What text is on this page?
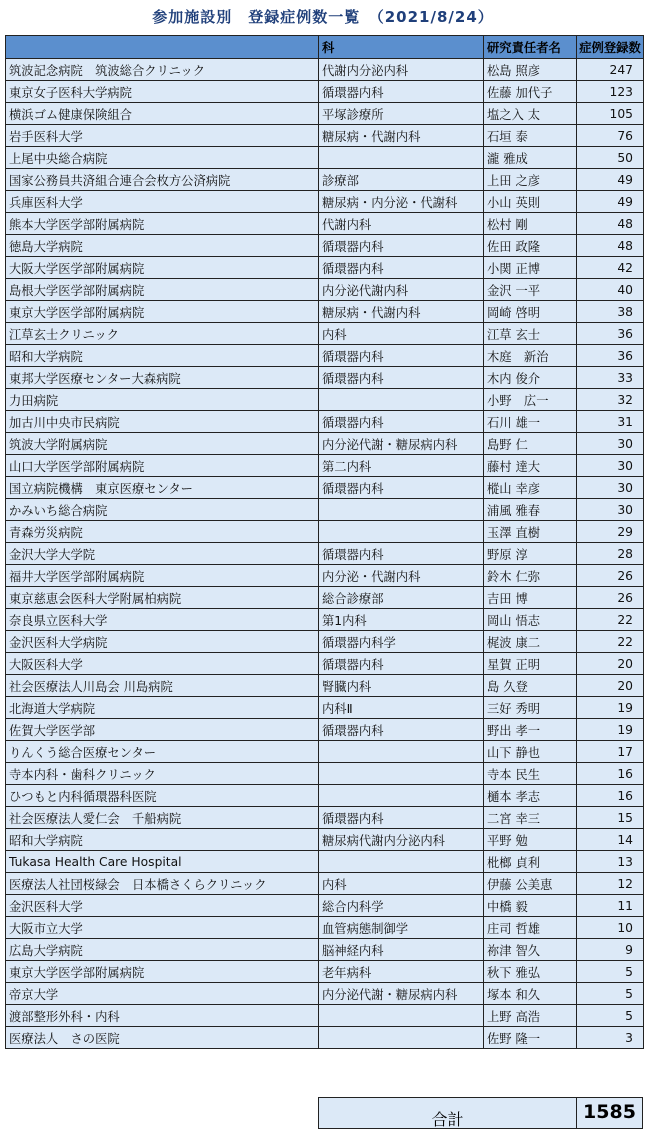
参加施設別　登録症例数一覧　（2021/8/24）
	科	研究責任者名	症例登録数
筑波記念病院　筑波総合クリニック	代謝内分泌内科	松島 照彦	247
東京女子医科大学病院	循環器内科	佐藤 加代子	123
横浜ゴム健康保険組合	平塚診療所	塩之入 太	105
岩手医科大学	糖尿病・代謝内科	石垣 泰	76
上尾中央総合病院		瀧 雅成	50
国家公務員共済組合連合会枚方公済病院	診療部	上田 之彦	49
兵庫医科大学	糖尿病・内分泌・代謝科	小山 英則	49
熊本大学医学部附属病院	代謝内科	松村 剛	48
徳島大学病院	循環器内科	佐田 政隆	48
大阪大学医学部附属病院	循環器内科	小関 正博	42
島根大学医学部附属病院	内分泌代謝内科	金沢 一平	40
東京大学医学部附属病院	糖尿病・代謝内科	岡崎 啓明	38
江草玄士クリニック	内科	江草 玄士	36
昭和大学病院	循環器内科	木庭　新治	36
東邦大学医療センター大森病院	循環器内科	木内 俊介	33
力田病院		小野　広一	32
加古川中央市民病院	循環器内科	石川 雄一	31
筑波大学附属病院	内分泌代謝・糖尿病内科	島野 仁	30
山口大学医学部附属病院	第二内科	藤村 達大	30
国立病院機構　東京医療センター	循環器内科	樅山 幸彦	30
かみいち総合病院		浦風 雅春	30
青森労災病院		玉澤 直樹	29
金沢大学大学院	循環器内科	野原 淳	28
福井大学医学部附属病院	内分泌・代謝内科	鈴木 仁弥	26
東京慈恵会医科大学附属柏病院	総合診療部	吉田 博	26
奈良県立医科大学	第1内科	岡山 悟志	22
金沢医科大学病院	循環器内科学	梶波 康二	22
大阪医科大学	循環器内科	星賀 正明	20
社会医療法人川島会 川島病院	腎臓内科	島 久登	20
北海道大学病院	内科Ⅱ	三好 秀明	19
佐賀大学医学部	循環器内科	野出 孝一	19
りんくう総合医療センター		山下 静也	17
寺本内科・歯科クリニック		寺本 民生	16
ひつもと内科循環器科医院		樋本 孝志	16
社会医療法人愛仁会　千船病院	循環器内科	二宮 幸三	15
昭和大学病院	糖尿病代謝内分泌内科	平野 勉	14
Tukasa Health Care Hospital		枇榔 貞利	13
医療法人社団桜緑会　日本橋さくらクリニック	内科	伊藤 公美恵	12
金沢医科大学	総合内科学	中橋 毅	11
大阪市立大学	血管病態制御学	庄司 哲雄	10
広島大学病院	脳神経内科	祢津 智久	9
東京大学医学部附属病院	老年病科	秋下 雅弘	5
帝京大学	内分泌代謝・糖尿病内科	塚本 和久	5
渡部整形外科・内科		上野 高浩	5
医療法人　さの医院		佐野 隆一	3
合計	1585
